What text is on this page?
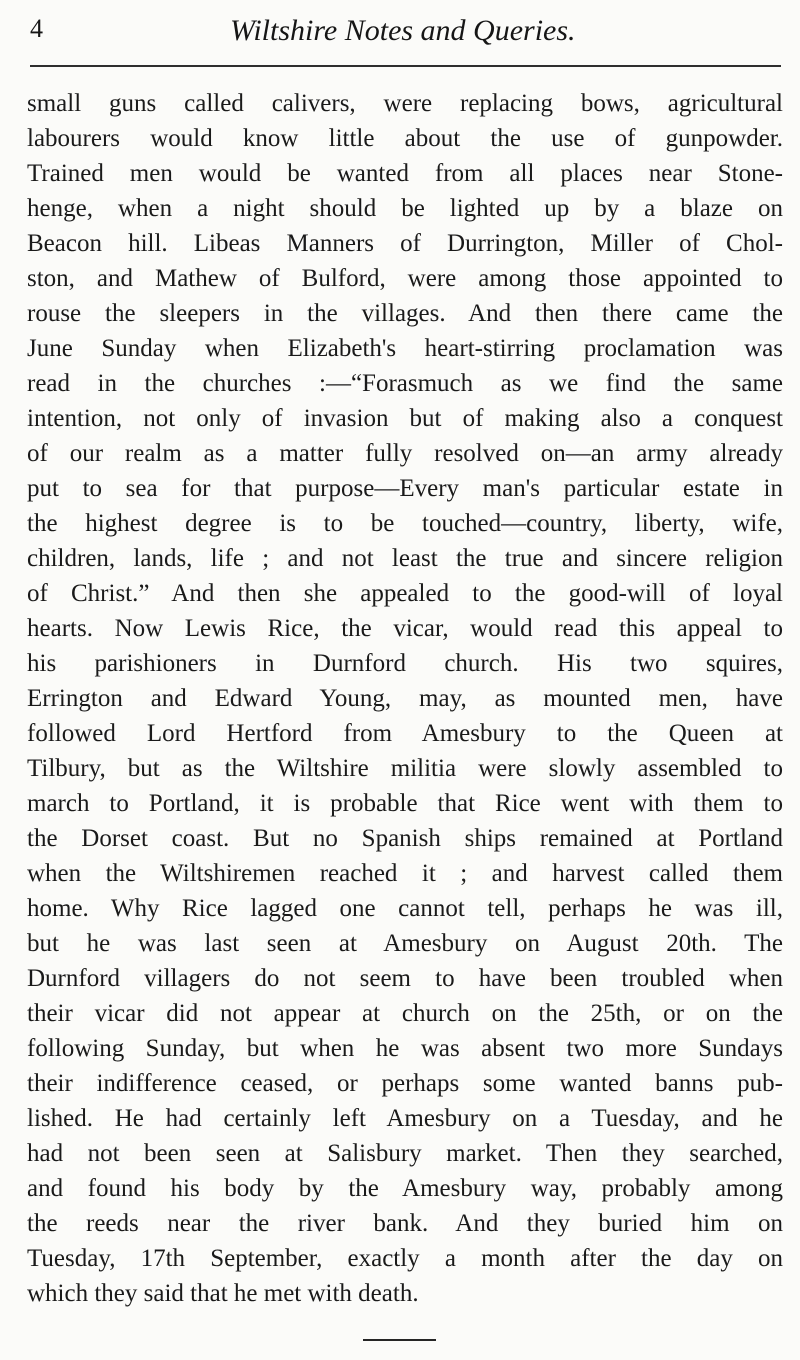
4	Wiltshire Notes and Queries.
small guns called calivers, were replacing bows, agricultural
labourers would know little about the use of gunpowder.
Trained men would be wanted from all places near Stone-
henge, when a night should be lighted up by a blaze on
Beacon hill. Libeas Manners of Durrington, Miller of Chol-
ston, and Mathew of Bulford, were among those appointed to
rouse the sleepers in the villages. And then there came the
June Sunday when Elizabeth's heart-stirring proclamation was
read in the churches :—“Forasmuch as we find the same
intention, not only of invasion but of making also a conquest
of our realm as a matter fully resolved on—an army already
put to sea for that purpose—Every man's particular estate in
the highest degree is to be touched—country, liberty, wife,
children, lands, life ; and not least the true and sincere religion
of Christ.” And then she appealed to the good-will of loyal
hearts. Now Lewis Rice, the vicar, would read this appeal to
his parishioners in Durnford church. His two squires,
Errington and Edward Young, may, as mounted men, have
followed Lord Hertford from Amesbury to the Queen at
Tilbury, but as the Wiltshire militia were slowly assembled to
march to Portland, it is probable that Rice went with them to
the Dorset coast. But no Spanish ships remained at Portland
when the Wiltshiremen reached it ; and harvest called them
home. Why Rice lagged one cannot tell, perhaps he was ill,
but he was last seen at Amesbury on August 20th. The
Durnford villagers do not seem to have been troubled when
their vicar did not appear at church on the 25th, or on the
following Sunday, but when he was absent two more Sundays
their indifference ceased, or perhaps some wanted banns pub-
lished. He had certainly left Amesbury on a Tuesday, and he
had not been seen at Salisbury market. Then they searched,
and found his body by the Amesbury way, probably among
the reeds near the river bank. And they buried him on
Tuesday, 17th September, exactly a month after the day on
which they said that he met with death.
